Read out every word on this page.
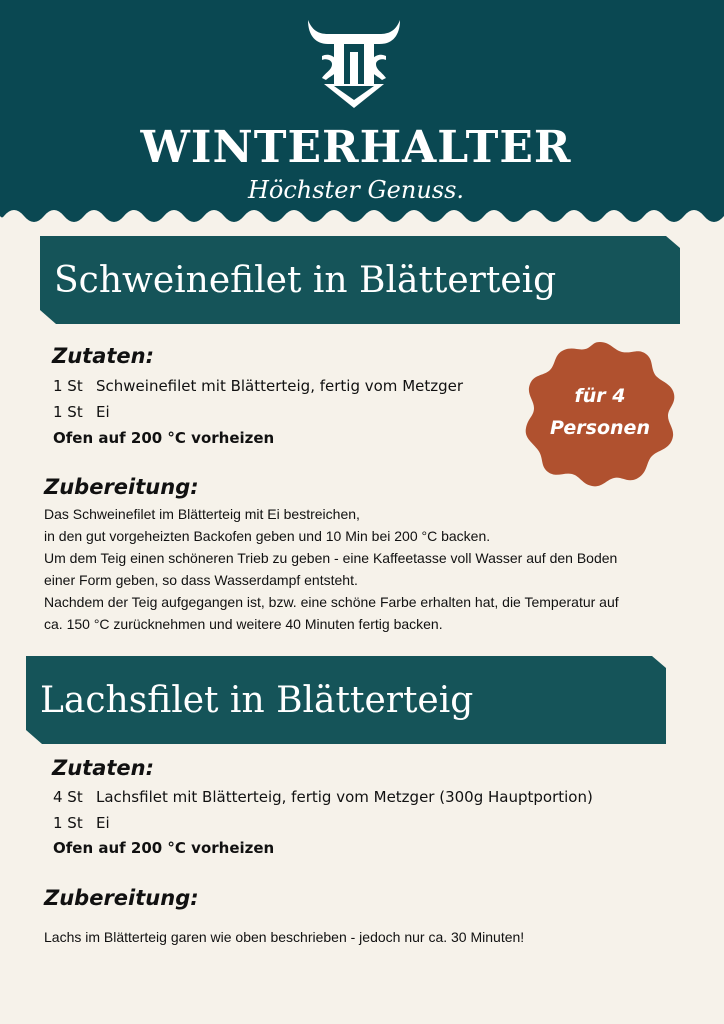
WINTERHALTER
Höchster Genuss.
Schweinefilet in Blätterteig
Zutaten:
1 St Schweinefilet mit Blätterteig, fertig vom Metzger
1 St Ei
Ofen auf 200 °C vorheizen
für 4
Personen
Zubereitung:
Das Schweinefilet im Blätterteig mit Ei bestreichen,
in den gut vorgeheizten Backofen geben und 10 Min bei 200 °C backen.
Um dem Teig einen schöneren Trieb zu geben - eine Kaffeetasse voll Wasser auf den Boden
einer Form geben, so dass Wasserdampf entsteht.
Nachdem der Teig aufgegangen ist, bzw. eine schöne Farbe erhalten hat, die Temperatur auf
ca. 150 °C zurücknehmen und weitere 40 Minuten fertig backen.
Lachsfilet in Blätterteig
Zutaten:
4 St Lachsfilet mit Blätterteig, fertig vom Metzger (300g Hauptportion)
1 St Ei
Ofen auf 200 °C vorheizen
Zubereitung:
Lachs im Blätterteig garen wie oben beschrieben - jedoch nur ca. 30 Minuten!
